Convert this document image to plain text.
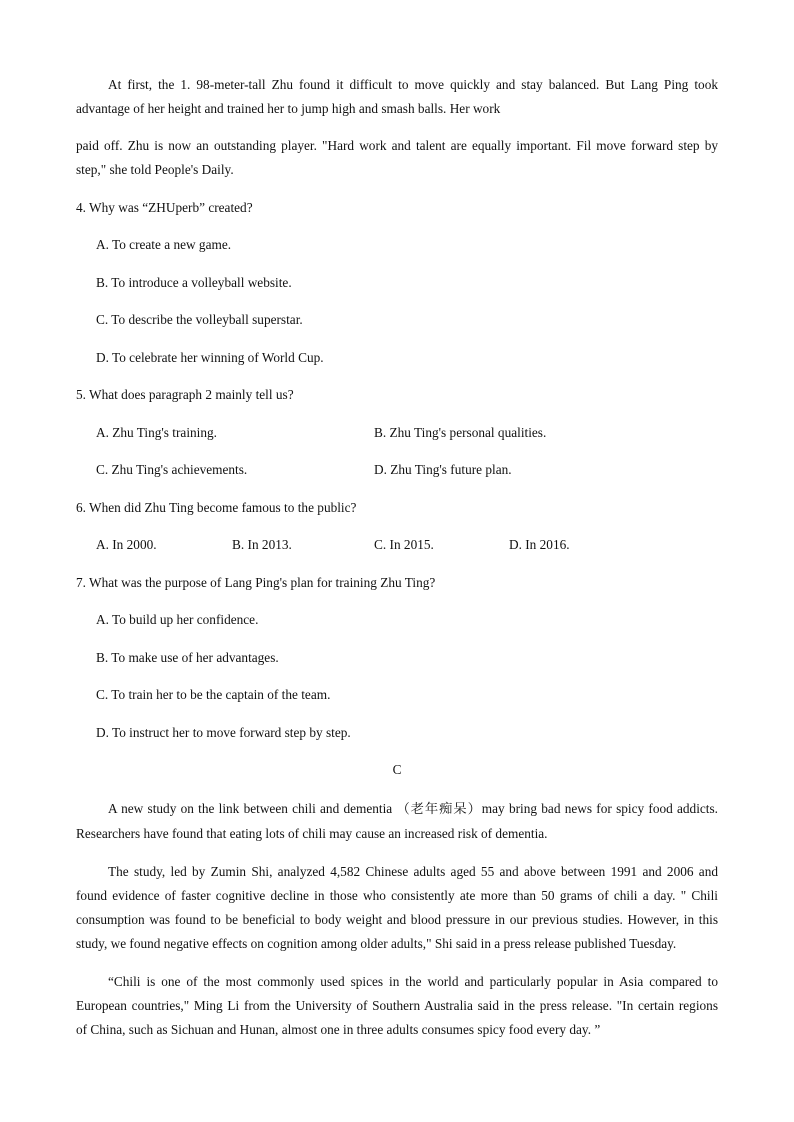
At first, the 1. 98-meter-tall Zhu found it difficult to move quickly and stay balanced. But Lang Ping took
advantage of her height and trained her to jump high and smash balls. Her work
paid off. Zhu is now an outstanding player. "Hard work and talent are equally important. Fil move forward step by
step," she told People's Daily.
4. Why was “ZHUperb” created?
A. To create a new game.
B. To introduce a volleyball website.
C. To describe the volleyball superstar.
D. To celebrate her winning of World Cup.
5. What does paragraph 2 mainly tell us?
A. Zhu Ting's training.	B. Zhu Ting's personal qualities.
C. Zhu Ting's achievements.	D. Zhu Ting's future plan.
6. When did Zhu Ting become famous to the public?
A. In 2000.	B. In 2013.	C. In 2015.	D. In 2016.
7. What was the purpose of Lang Ping's plan for training Zhu Ting?
A. To build up her confidence.
B. To make use of her advantages.
C. To train her to be the captain of the team.
D. To instruct her to move forward step by step.
C
A new study on the link between chili and dementia （老年痴呆）may bring bad news for spicy food addicts.
Researchers have found that eating lots of chili may cause an increased risk of dementia.
The study, led by Zumin Shi, analyzed 4,582 Chinese adults aged 55 and above between 1991 and 2006 and
found evidence of faster cognitive decline in those who consistently ate more than 50 grams of chili a day. " Chili
consumption was found to be beneficial to body weight and blood pressure in our previous studies. However, in this
study, we found negative effects on cognition among older adults," Shi said in a press release published Tuesday.
“Chili is one of the most commonly used spices in the world and particularly popular in Asia compared to
European countries," Ming Li from the University of Southern Australia said in the press release. "In certain regions
of China, such as Sichuan and Hunan, almost one in three adults consumes spicy food every day. ”
